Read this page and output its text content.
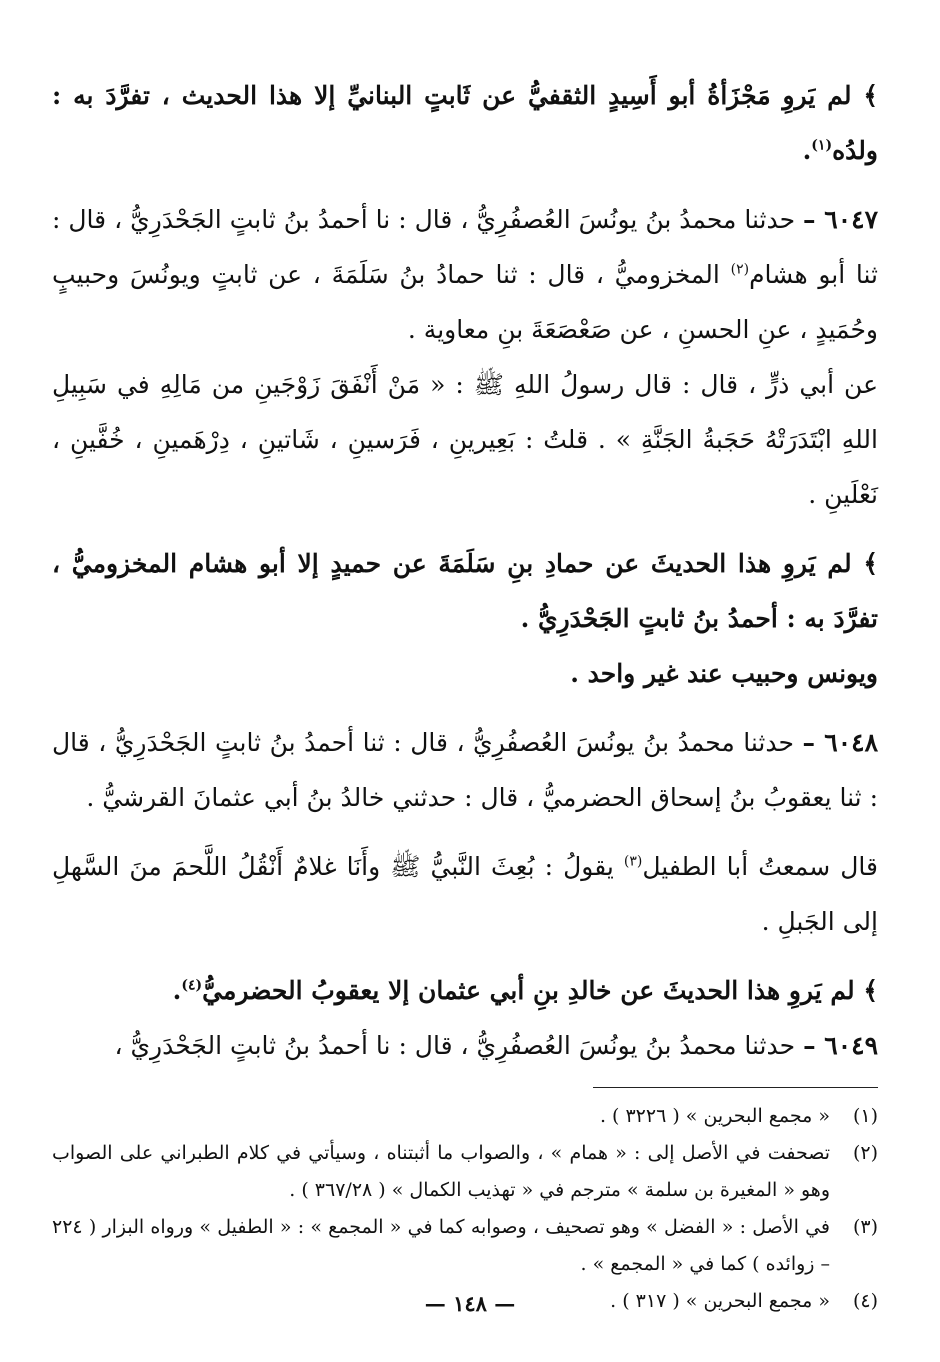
﴾ لم يَروِ مَجْزَأةُ أبو أَسِيدٍ الثقفيُّ عن ثَابتٍ البنانيِّ إلا هذا الحديث ، تفرَّدَ به : ولدُه$^{(١)}$.

٦٠٤٧ – حدثنا محمدُ بنُ يونُسَ العُصفُرِيُّ ، قال : نا أحمدُ بنُ ثابتٍ الجَحْدَرِيُّ ، قال : ثنا أبو هشام$^{(٢)}$ المخزوميُّ ، قال : ثنا حمادُ بنُ سَلَمَةَ ، عن ثابتٍ ويونُسَ وحبيبٍ وحُمَيدٍ ، عنِ الحسنِ ، عن صَعْصَعَةَ بنِ معاوية .

عن أبي ذرٍّ ، قال : قال رسولُ اللهِ ﷺ : « مَنْ أَنْفَقَ زَوْجَينِ من مَالِهِ في سَبِيلِ اللهِ ابْتَدَرَتْهُ حَجَبةُ الجَنَّةِ » . قلتُ : بَعِيرينِ ، فَرَسينِ ، شَاتينِ ، دِرْهَمينِ ، خُفَّينِ ، نَعْلَينِ .

﴾ لم يَروِ هذا الحديثَ عن حمادِ بنِ سَلَمَةَ عن حميدٍ إلا أبو هشام المخزوميُّ ، تفرَّدَ به : أحمدُ بنُ ثابتٍ الجَحْدَرِيُّ .

ويونس وحبيب عند غير واحد .

٦٠٤٨ – حدثنا محمدُ بنُ يونُسَ العُصفُرِيُّ ، قال : ثنا أحمدُ بنُ ثابتٍ الجَحْدَرِيُّ ، قال : ثنا يعقوبُ بنُ إسحاق الحضرميُّ ، قال : حدثني خالدُ بنُ أبي عثمانَ القرشيُّ .

قال سمعتُ أبا الطفيل$^{(٣)}$ يقولُ : بُعِثَ النَّبيُّ ﷺ وأَنَا غلامٌ أَنْقُلُ اللَّحمَ منَ السَّهلِ إلى الجَبلِ .

﴾ لم يَروِ هذا الحديثَ عن خالدِ بنِ أبي عثمان إلا يعقوبُ الحضرميُّ$^{(٤)}$.

٦٠٤٩ – حدثنا محمدُ بنُ يونُسَ العُصفُرِيُّ ، قال : نا أحمدُ بنُ ثابتٍ الجَحْدَرِيُّ ،

(١)
« مجمع البحرين » ( ٣٢٢٦ ) .
(٢)
تصحفت في الأصل إلى : « همام » ، والصواب ما أثبتناه ، وسيأتي في كلام الطبراني على الصواب وهو « المغيرة بن سلمة » مترجم في « تهذيب الكمال » ( ٣٦٧/٢٨ ) .
(٣)
في الأصل : « الفضل » وهو تصحيف ، وصوابه كما في « المجمع » : « الطفيل » ورواه البزار ( ٢٢٤ – زوائده ) كما في « المجمع » .
(٤)
« مجمع البحرين » ( ٣١٧ ) .
— ١٤٨ —
